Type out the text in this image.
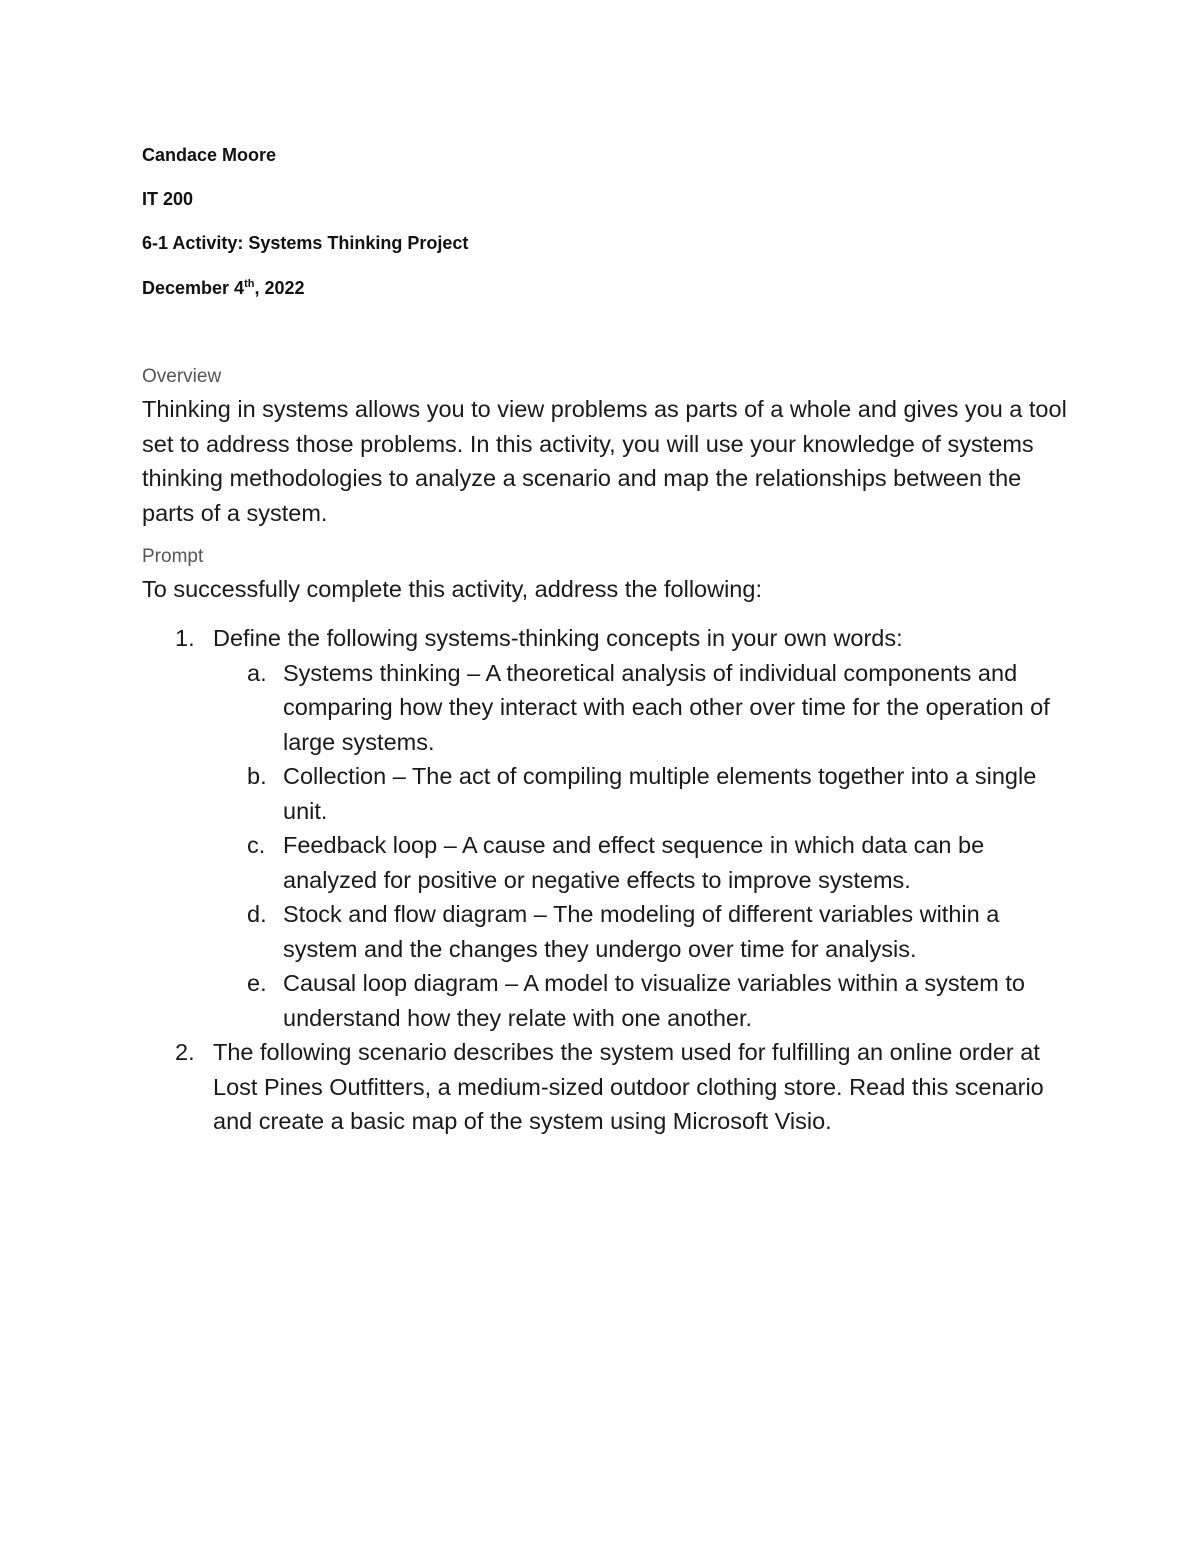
Candace Moore
IT 200
6-1 Activity: Systems Thinking Project
December 4th, 2022
Overview
Thinking in systems allows you to view problems as parts of a whole and gives you a tool set to address those problems. In this activity, you will use your knowledge of systems thinking methodologies to analyze a scenario and map the relationships between the parts of a system.
Prompt
To successfully complete this activity, address the following:
1. Define the following systems-thinking concepts in your own words:
a. Systems thinking – A theoretical analysis of individual components and comparing how they interact with each other over time for the operation of large systems.
b. Collection – The act of compiling multiple elements together into a single unit.
c. Feedback loop – A cause and effect sequence in which data can be analyzed for positive or negative effects to improve systems.
d. Stock and flow diagram – The modeling of different variables within a system and the changes they undergo over time for analysis.
e. Causal loop diagram – A model to visualize variables within a system to understand how they relate with one another.
2. The following scenario describes the system used for fulfilling an online order at Lost Pines Outfitters, a medium-sized outdoor clothing store. Read this scenario and create a basic map of the system using Microsoft Visio.
